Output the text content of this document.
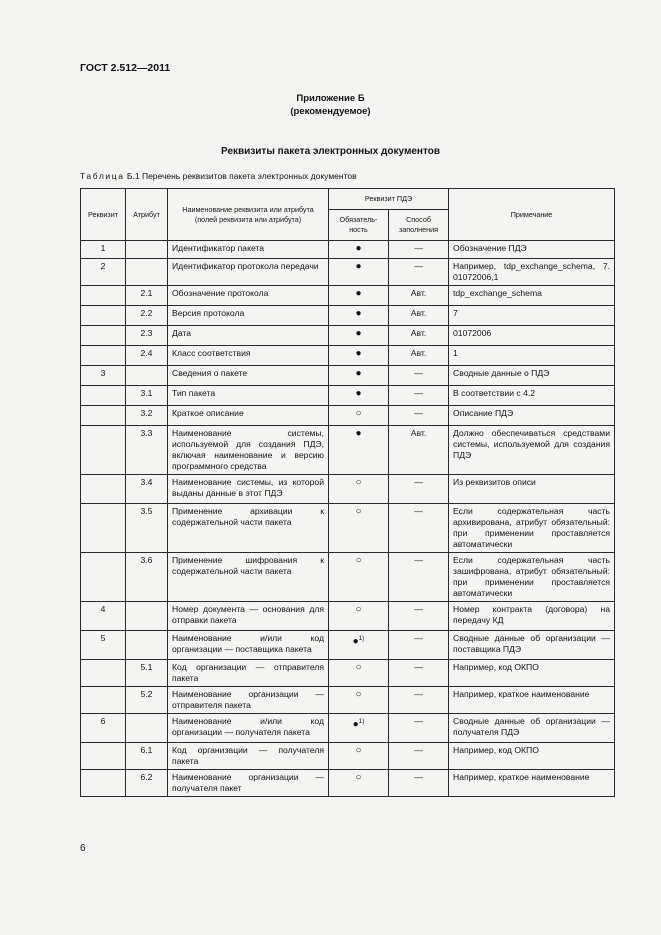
ГОСТ 2.512—2011
Приложение Б
(рекомендуемое)
Реквизиты пакета электронных документов
Таблица Б.1 Перечень реквизитов пакета электронных документов
Реквизит	Атрибут	Наименование реквизита или атрибута (полей реквизита или атрибута)	Реквизит ПДЭ		Примечание
			Обязатель-ность	Способ заполнения	
1		Идентификатор пакета	●	—	Обозначение ПДЭ
2		Идентификатор протокола передачи	●	—	Например, tdp_exchange_schema, 7. 01072006,1
	2.1	Обозначение протокола	●	Авт.	tdp_exchange_schema
	2.2	Версия протокола	●	Авт.	7
	2.3	Дата	●	Авт.	01072006
	2.4	Класс соответствия	●	Авт.	1
3		Сведения о пакете	●	—	Сводные данные о ПДЭ
	3.1	Тип пакета	●	—	В соответствии с 4.2
	3.2	Краткое описание	○	—	Описание ПДЭ
	3.3	Наименование системы, используемой для создания ПДЭ, включая наименование и версию программного средства	●	Авт.	Должно обеспечиваться средствами системы, используемой для создания ПДЭ
	3.4	Наименование системы, из которой выданы данные в этот ПДЭ	○	—	Из реквизитов описи
	3.5	Применение архивации к содержательной части пакета	○	—	Если содержательная часть архивирована, атрибут обязательный: при применении проставляется автоматически
	3.6	Применение шифрования к содержательной части пакета	○	—	Если содержательная часть зашифрована, атрибут обязательный: при применении проставляется автоматически
4		Номер документа — основания для отправки пакета	○	—	Номер контракта (договора) на передачу КД
5		Наименование и/или код организации — поставщика пакета	●$^{1)}$	—	Сводные данные об организации — поставщика ПДЭ
	5.1	Код организации — отправителя пакета	○	—	Например, код ОКПО
	5.2	Наименование организации — отправителя пакета	○	—	Например, краткое наименование
6		Наименование и/или код организации — получателя пакета	●$^{1)}$	—	Сводные данные об организации — получателя ПДЭ
	6.1	Код организации — получателя пакета	○	—	Например, код ОКПО
	6.2	Наименование организации — получателя пакет	○	—	Например, краткое наименование
6
